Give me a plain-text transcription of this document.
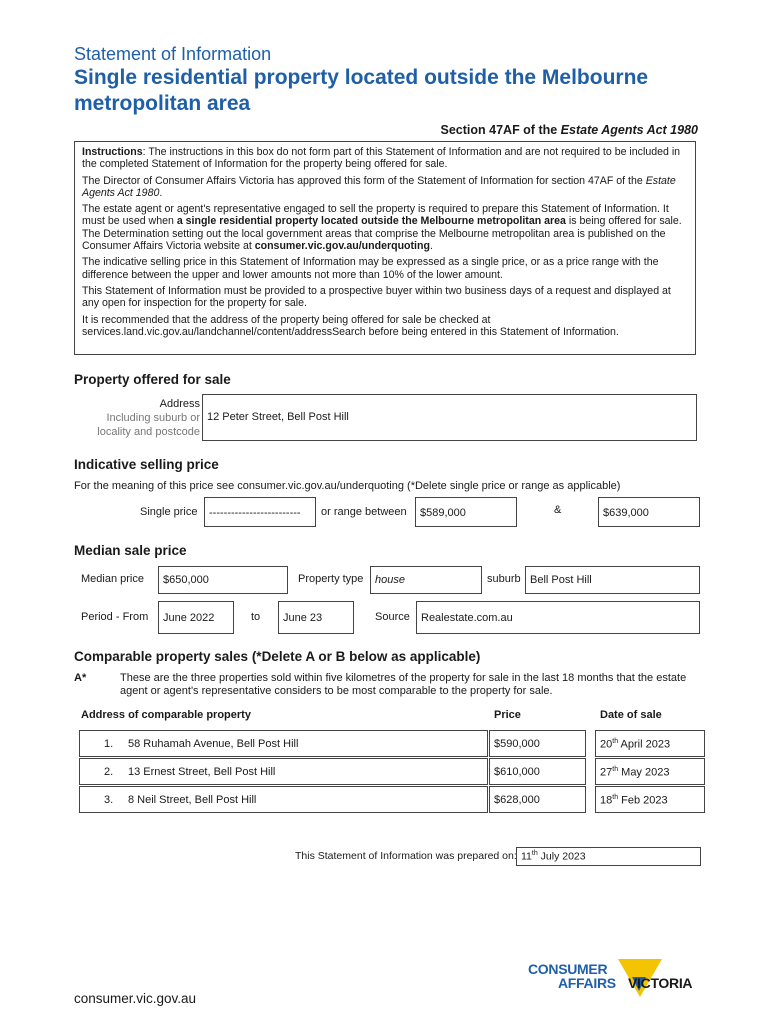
Statement of Information
Single residential property located outside the Melbourne metropolitan area
Section 47AF of the Estate Agents Act 1980

Instructions: The instructions in this box do not form part of this Statement of Information and are not required to be included in the completed Statement of Information for the property being offered for sale.

The Director of Consumer Affairs Victoria has approved this form of the Statement of Information for section 47AF of the Estate Agents Act 1980.

The estate agent or agent's representative engaged to sell the property is required to prepare this Statement of Information. It must be used when a single residential property located outside the Melbourne metropolitan area is being offered for sale. The Determination setting out the local government areas that comprise the Melbourne metropolitan area is published on the Consumer Affairs Victoria website at consumer.vic.gov.au/underquoting.

The indicative selling price in this Statement of Information may be expressed as a single price, or as a price range with the difference between the upper and lower amounts not more than 10% of the lower amount.

This Statement of Information must be provided to a prospective buyer within two business days of a request and displayed at any open for inspection for the property for sale.

It is recommended that the address of the property being offered for sale be checked at services.land.vic.gov.au/landchannel/content/addressSearch before being entered in this Statement of Information.

Property offered for sale
Address
Including suburb or
locality and postcode
12 Peter Street, Bell Post Hill
Indicative selling price
For the meaning of this price see consumer.vic.gov.au/underquoting (*Delete single price or range as applicable)
Single price	-------------------------	or range between	$589,000	&	$639,000
Median sale price
Median price	$650,000	Property type	house	suburb Bell Post Hill
Period - From	June 2022	to	June 23	Source	Realestate.com.au
Comparable property sales (*Delete A or B below as applicable)
A*	These are the three properties sold within five kilometres of the property for sale in the last 18 months that the estate agent or agent's representative considers to be most comparable to the property for sale.
Address of comparable property	Price	Date of sale
1. 58 Ruhamah Avenue, Bell Post Hill	$590,000	20th April 2023
2. 13 Ernest Street, Bell Post Hill	$610,000	27th May 2023
3. 8 Neil Street, Bell Post Hill	$628,000	18th Feb 2023
This Statement of Information was prepared on: 11th July 2023
CONSUMER
AFFAIRS VICTORIA
consumer.vic.gov.au
